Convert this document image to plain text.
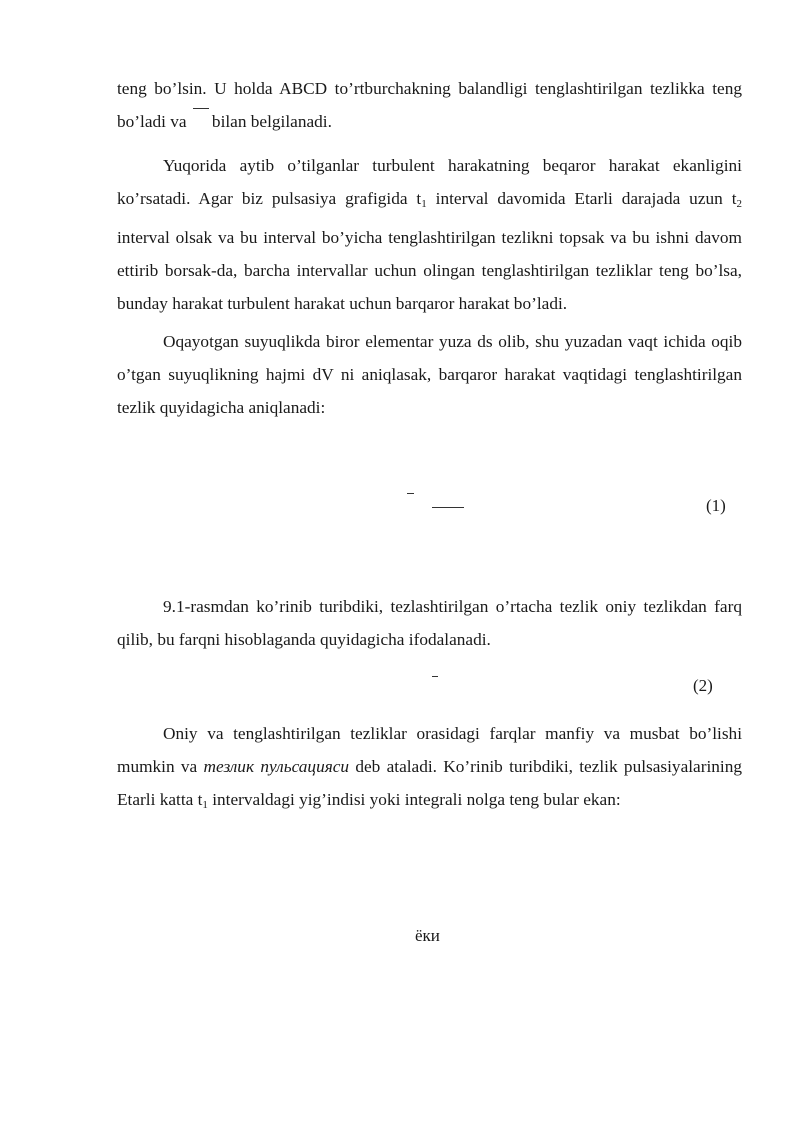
teng bo’lsin. U holda ABCD to’rtburchakning balandligi tenglashtirilgan tezlikka teng bo’ladi va bilan belgilanadi.

Yuqorida aytib o’tilganlar turbulent harakatning beqaror harakat ekanligini ko’rsatadi. Agar biz pulsasiya grafigida $t_1$ interval davomida Etarli darajada uzun $t_2$ interval olsak va bu interval bo’yicha tenglashtirilgan tezlikni topsak va bu ishni davom ettirib borsak-da, barcha intervallar uchun olingan tenglashtirilgan tezliklar teng bo’lsa, bunday harakat turbulent harakat uchun barqaror harakat bo’ladi.

Oqayotgan suyuqlikda biror elementar yuza ds olib, shu yuzadan vaqt ichida oqib o’tgan suyuqlikning hajmi dV ni aniqlasak, barqaror harakat vaqtidagi tenglashtirilgan tezlik quyidagicha aniqlanadi:

(1)

9.1-rasmdan ko’rinib turibdiki, tezlashtirilgan o’rtacha tezlik oniy tezlikdan farq qilib, bu farqni hisoblaganda quyidagicha ifodalanadi.

(2)

Oniy va tenglashtirilgan tezliklar orasidagi farqlar manfiy va musbat bo’lishi mumkin va тезлик пульсацияси deb ataladi. Ko’rinib turibdiki, tezlik pulsasiyalarining Etarli katta $t_1$ intervaldagi yig’indisi yoki integrali nolga teng bular ekan:

ёки
